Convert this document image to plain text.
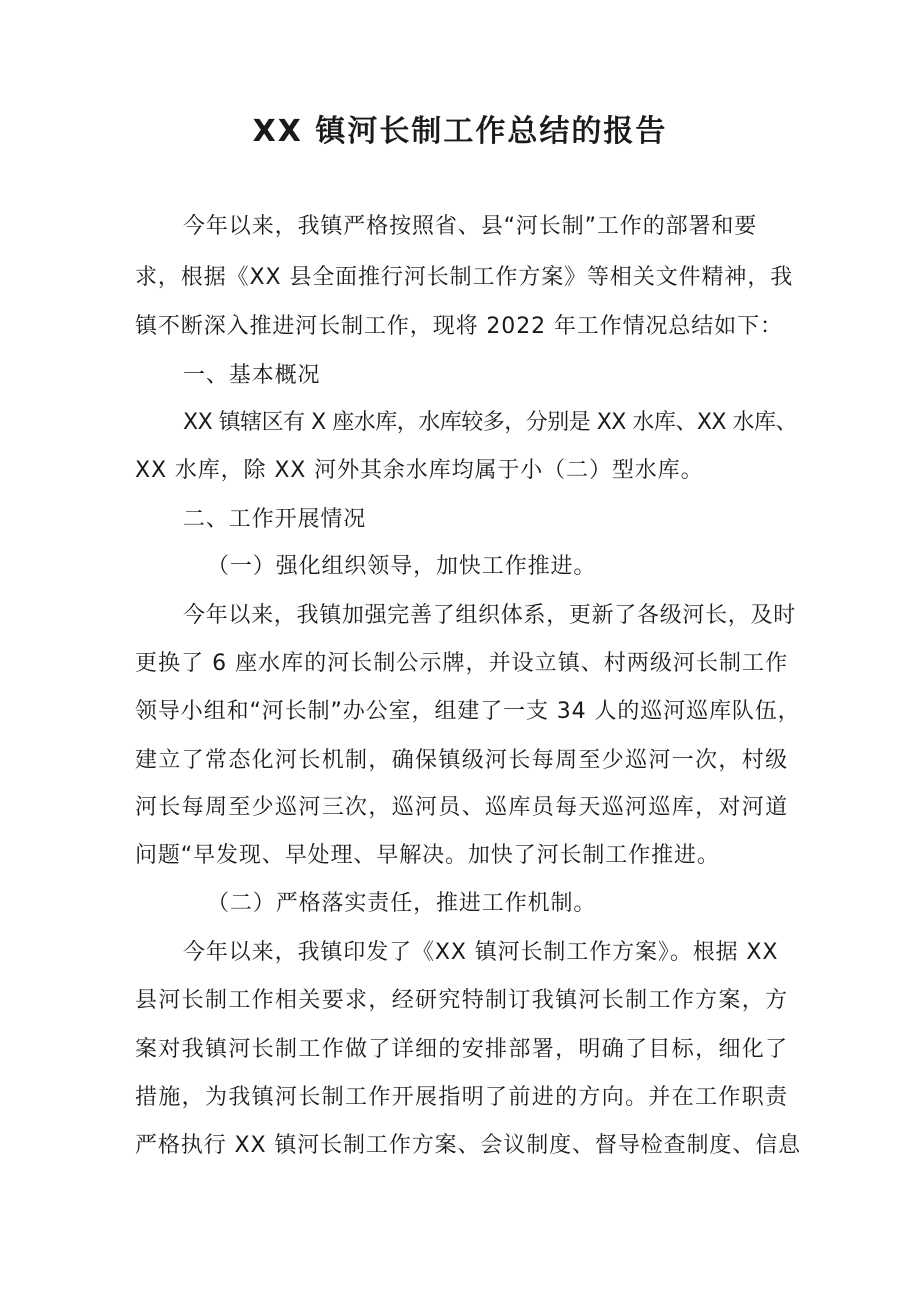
XX 镇河长制工作总结的报告
今年以来，我镇严格按照省、县“河长制”工作的部署和要
求，根据《XX 县全面推行河长制工作方案》等相关文件精神，我
镇不断深入推进河长制工作，现将 2022 年工作情况总结如下：
一、基本概况
XX 镇辖区有 X 座水库，水库较多，分别是 XX 水库、XX 水库、
XX 水库，除 XX 河外其余水库均属于小（二）型水库。
二、工作开展情况
（一）强化组织领导，加快工作推进。
今年以来，我镇加强完善了组织体系，更新了各级河长，及时
更换了 6 座水库的河长制公示牌，并设立镇、村两级河长制工作
领导小组和“河长制”办公室，组建了一支 34 人的巡河巡库队伍，
建立了常态化河长机制，确保镇级河长每周至少巡河一次，村级
河长每周至少巡河三次，巡河员、巡库员每天巡河巡库，对河道
问题“早发现、早处理、早解决。加快了河长制工作推进。
（二）严格落实责任，推进工作机制。
今年以来，我镇印发了《XX 镇河长制工作方案》。根据 XX
县河长制工作相关要求，经研究特制订我镇河长制工作方案，方
案对我镇河长制工作做了详细的安排部署，明确了目标，细化了
措施，为我镇河长制工作开展指明了前进的方向。并在工作职责
严格执行 XX 镇河长制工作方案、会议制度、督导检查制度、信息
